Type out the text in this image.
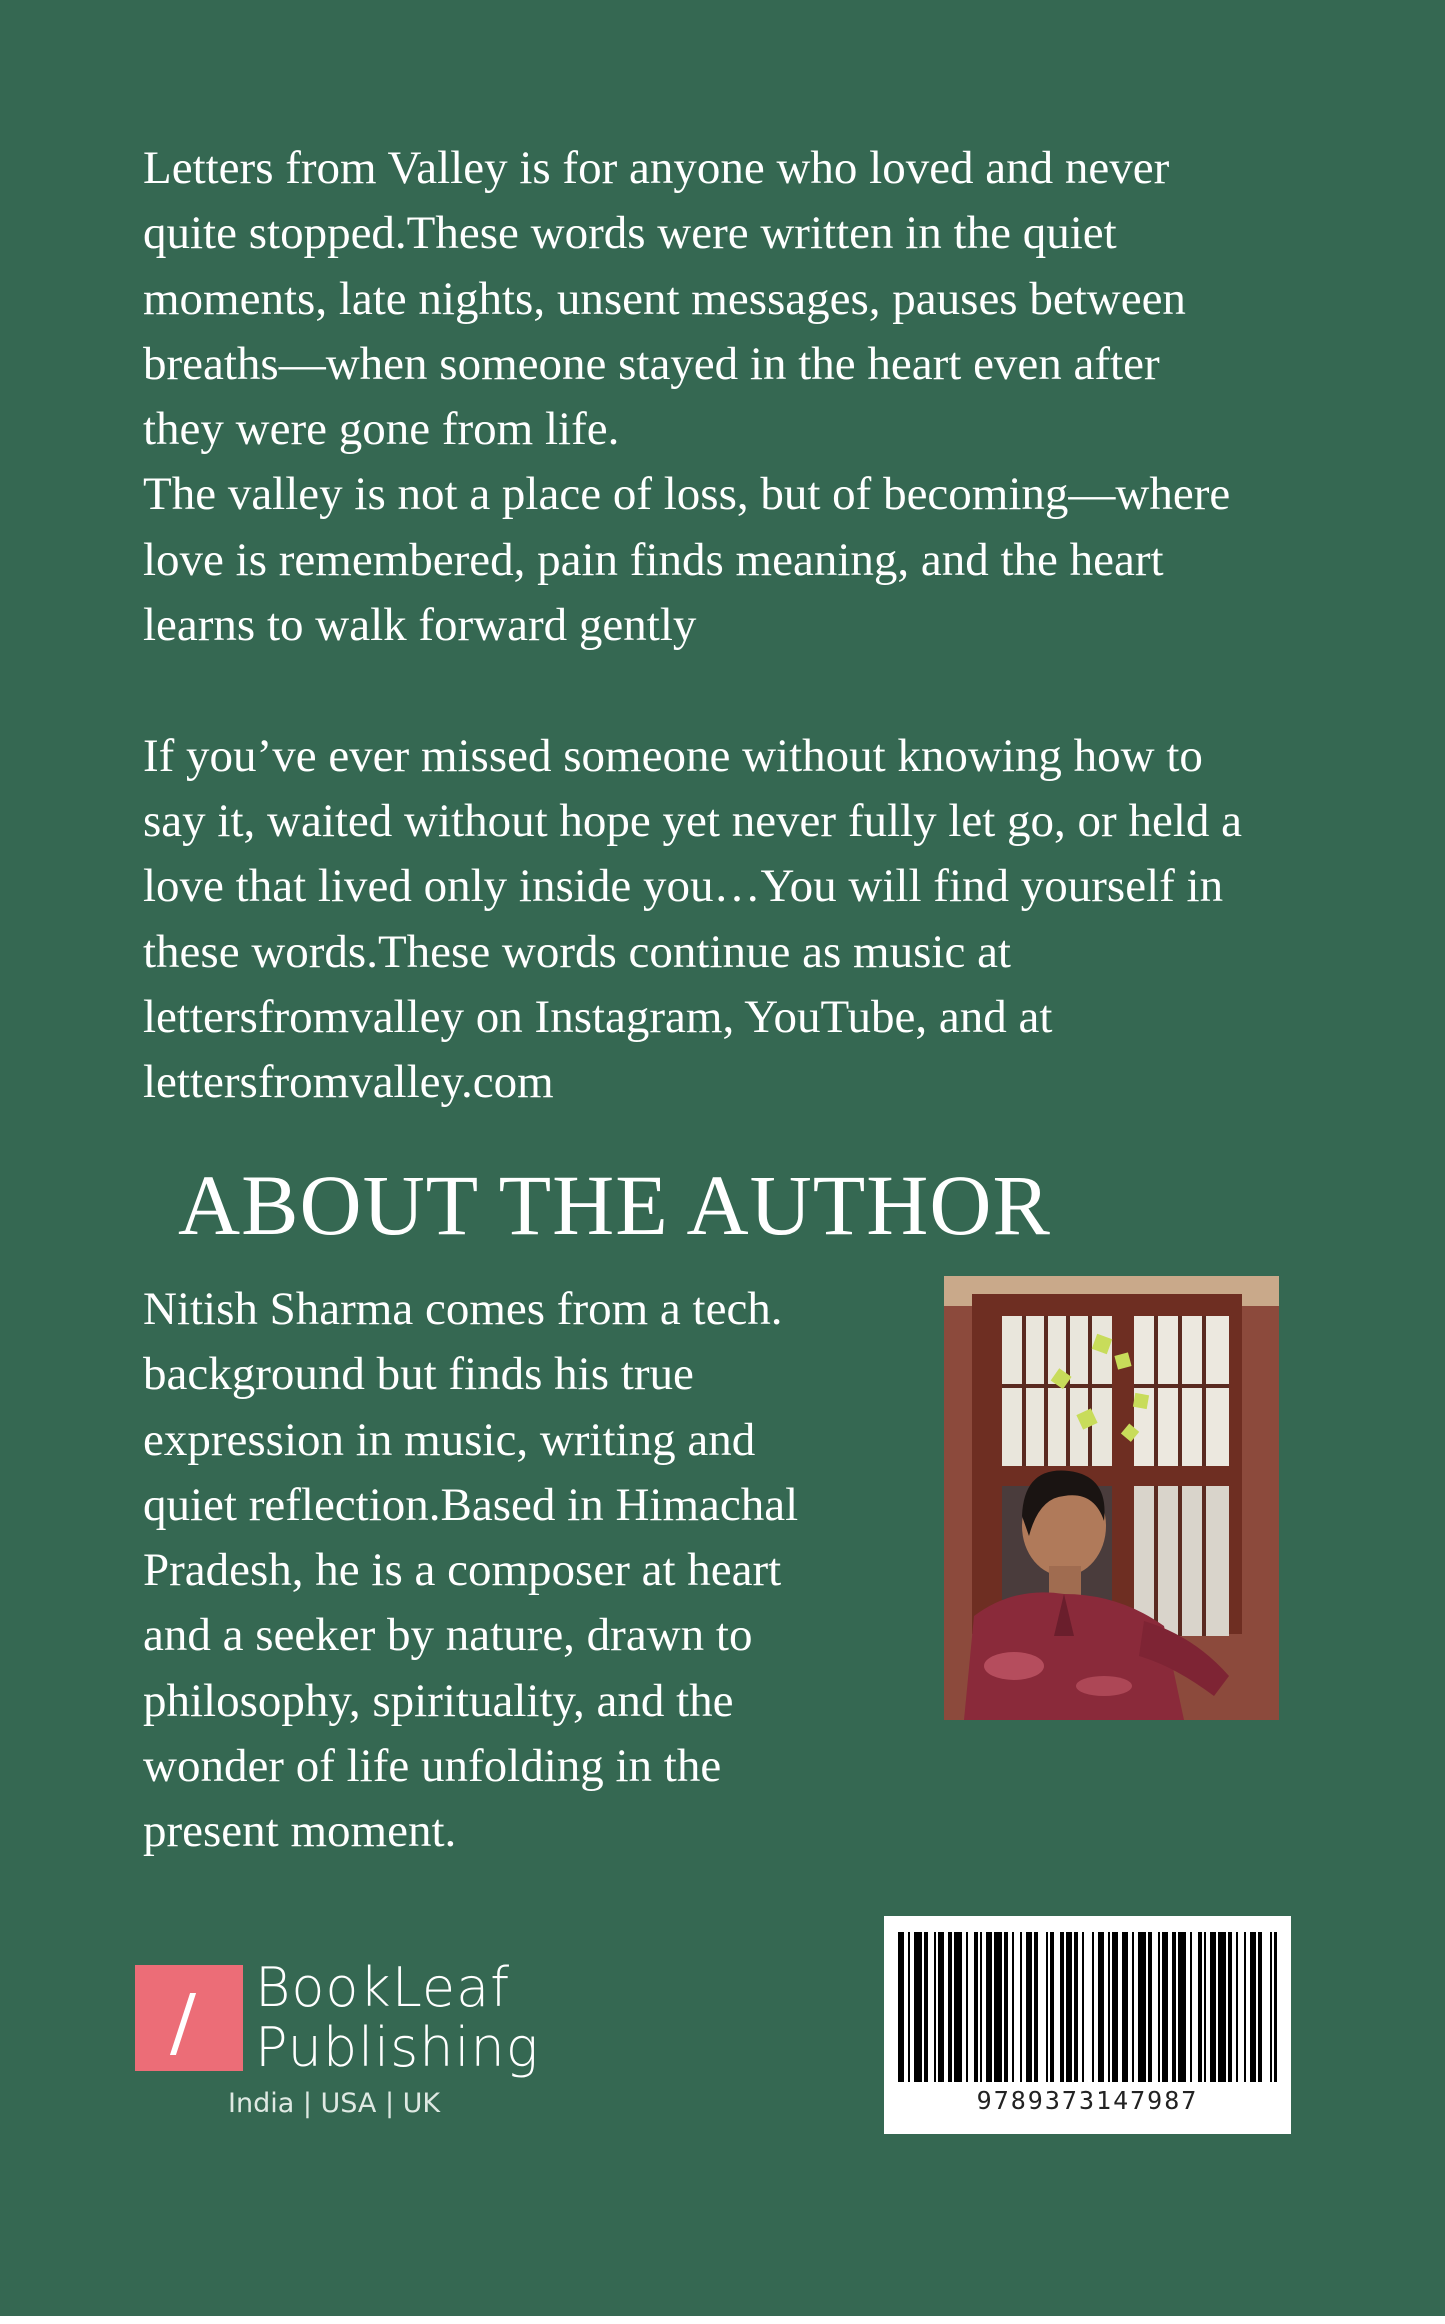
Letters from Valley is for anyone who loved and never

quite stopped.These words were written in the quiet

moments, late nights, unsent messages, pauses between

breaths—when someone stayed in the heart even after

they were gone from life.

The valley is not a place of loss, but of becoming—where

love is remembered, pain finds meaning, and the heart

learns to walk forward gently

If you’ve ever missed someone without knowing how to

say it, waited without hope yet never fully let go, or held a

love that lived only inside you…You will find yourself in

these words.These words continue as music at

lettersfromvalley on Instagram, YouTube, and at

lettersfromvalley.com

ABOUT THE AUTHOR

Nitish Sharma comes from a tech.

background but finds his true

expression in music, writing and

quiet reflection.Based in Himachal

Pradesh, he is a composer at heart

and a seeker by nature, drawn to

philosophy, spirituality, and the

wonder of life unfolding in the

present moment.

BookLeaf
Publishing
India | USA | UK	9789373147987
